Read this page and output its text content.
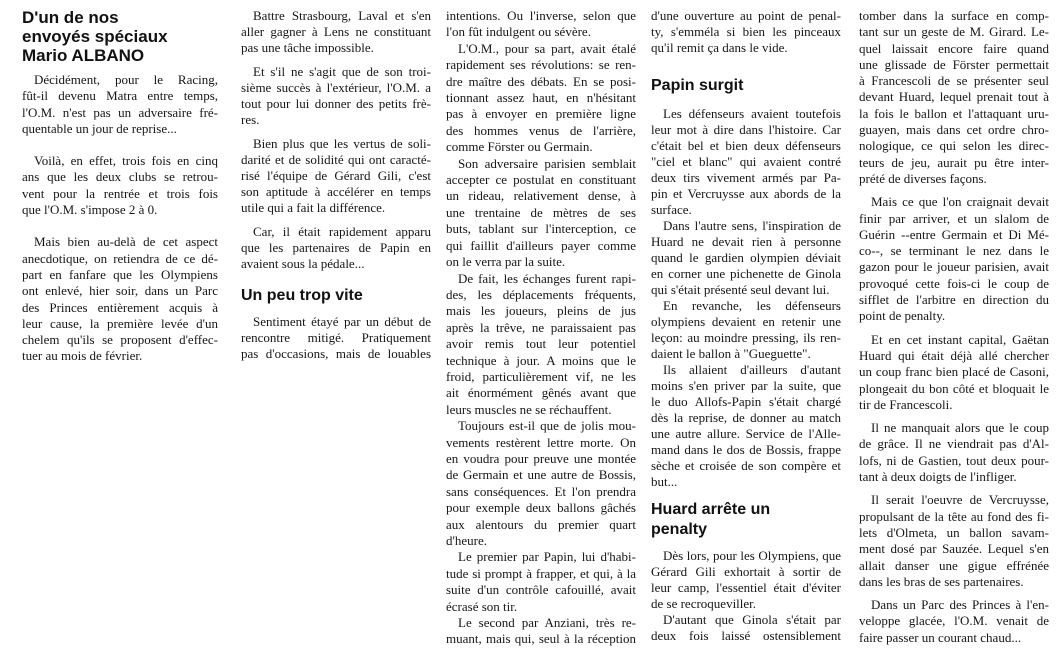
D'un de nos
envoyés spéciaux
Mario ALBANO
Décidément, pour le Racing,
fût-il devenu Matra entre temps,
l'O.M. n'est pas un adversaire fré-
quentable un jour de reprise...
Voilà, en effet, trois fois en cinq
ans que les deux clubs se retrou-
vent pour la rentrée et trois fois
que l'O.M. s'impose 2 à 0.
Mais bien au-delà de cet aspect
anecdotique, on retiendra de ce dé-
part en fanfare que les Olympiens
ont enlevé, hier soir, dans un Parc
des Princes entièrement acquis à
leur cause, la première levée d'un
chelem qu'ils se proposent d'effec-
tuer au mois de février.
Battre Strasbourg, Laval et s'en
aller gagner à Lens ne constituant
pas une tâche impossible.
Et s'il ne s'agit que de son troi-
sième succès à l'extérieur, l'O.M. a
tout pour lui donner des petits frè-
res.
Bien plus que les vertus de soli-
darité et de solidité qui ont caracté-
risé l'équipe de Gérard Gili, c'est
son aptitude à accélérer en temps
utile qui a fait la différence.
Car, il était rapidement apparu
que les partenaires de Papin en
avaient sous la pédale...
Un peu trop vite
Sentiment étayé par un début de
rencontre mitigé. Pratiquement
pas d'occasions, mais de louables
intentions. Ou l'inverse, selon que
l'on fût indulgent ou sévère.
L'O.M., pour sa part, avait étalé
rapidement ses révolutions: se ren-
dre maître des débats. En se posi-
tionnant assez haut, en n'hésitant
pas à envoyer en première ligne
des hommes venus de l'arrière,
comme Förster ou Germain.
Son adversaire parisien semblait
accepter ce postulat en constituant
un rideau, relativement dense, à
une trentaine de mètres de ses
buts, tablant sur l'interception, ce
qui faillit d'ailleurs payer comme
on le verra par la suite.
De fait, les échanges furent rapi-
des, les déplacements fréquents,
mais les joueurs, pleins de jus
après la trêve, ne paraissaient pas
avoir remis tout leur potentiel
technique à jour. A moins que le
froid, particulièrement vif, ne les
ait énormément gênés avant que
leurs muscles ne se réchauffent.
Toujours est-il que de jolis mou-
vements restèrent lettre morte. On
en voudra pour preuve une montée
de Germain et une autre de Bossis,
sans conséquences. Et l'on prendra
pour exemple deux ballons gâchés
aux alentours du premier quart
d'heure.
Le premier par Papin, lui d'habi-
tude si prompt à frapper, et qui, à la
suite d'un contrôle cafouillé, avait
écrasé son tir.
Le second par Anziani, très re-
muant, mais qui, seul à la réception
d'une ouverture au point de penal-
ty, s'emméla si bien les pinceaux
qu'il remit ça dans le vide.
Papin surgit
Les défenseurs avaient toutefois
leur mot à dire dans l'histoire. Car
c'était bel et bien deux défenseurs
"ciel et blanc" qui avaient contré
deux tirs vivement armés par Pa-
pin et Vercruysse aux abords de la
surface.
Dans l'autre sens, l'inspiration de
Huard ne devait rien à personne
quand le gardien olympien déviait
en corner une pichenette de Ginola
qui s'était présenté seul devant lui.
En revanche, les défenseurs
olympiens devaient en retenir une
leçon: au moindre pressing, ils ren-
daient le ballon à "Gueguette".
Ils allaient d'ailleurs d'autant
moins s'en priver par la suite, que
le duo Allofs-Papin s'était chargé
dès la reprise, de donner au match
une autre allure. Service de l'Alle-
mand dans le dos de Bossis, frappe
sèche et croisée de son compère et
but...
Huard arrête un
penalty
Dès lors, pour les Olympiens, que
Gérard Gili exhortait à sortir de
leur camp, l'essentiel était d'éviter
de se recroqueviller.
D'autant que Ginola s'était par
deux fois laissé ostensiblement
tomber dans la surface en comp-
tant sur un geste de M. Girard. Le-
quel laissait encore faire quand
une glissade de Förster permettait
à Francescoli de se présenter seul
devant Huard, lequel prenait tout à
la fois le ballon et l'attaquant uru-
guayen, mais dans cet ordre chro-
nologique, ce qui selon les direc-
teurs de jeu, aurait pu être inter-
prété de diverses façons.
Mais ce que l'on craignait devait
finir par arriver, et un slalom de
Guérin --entre Germain et Di Mé-
co--, se terminant le nez dans le
gazon pour le joueur parisien, avait
provoqué cette fois-ci le coup de
sifflet de l'arbitre en direction du
point de penalty.
Et en cet instant capital, Gaëtan
Huard qui était déjà allé chercher
un coup franc bien placé de Casoni,
plongeait du bon côté et bloquait le
tir de Francescoli.
Il ne manquait alors que le coup
de grâce. Il ne viendrait pas d'Al-
lofs, ni de Gastien, tout deux pour-
tant à deux doigts de l'infliger.
Il serait l'oeuvre de Vercruysse,
propulsant de la tête au fond des fi-
lets d'Olmeta, un ballon savam-
ment dosé par Sauzée. Lequel s'en
allait danser une gigue effrénée
dans les bras de ses partenaires.
Dans un Parc des Princes à l'en-
veloppe glacée, l'O.M. venait de
faire passer un courant chaud...
